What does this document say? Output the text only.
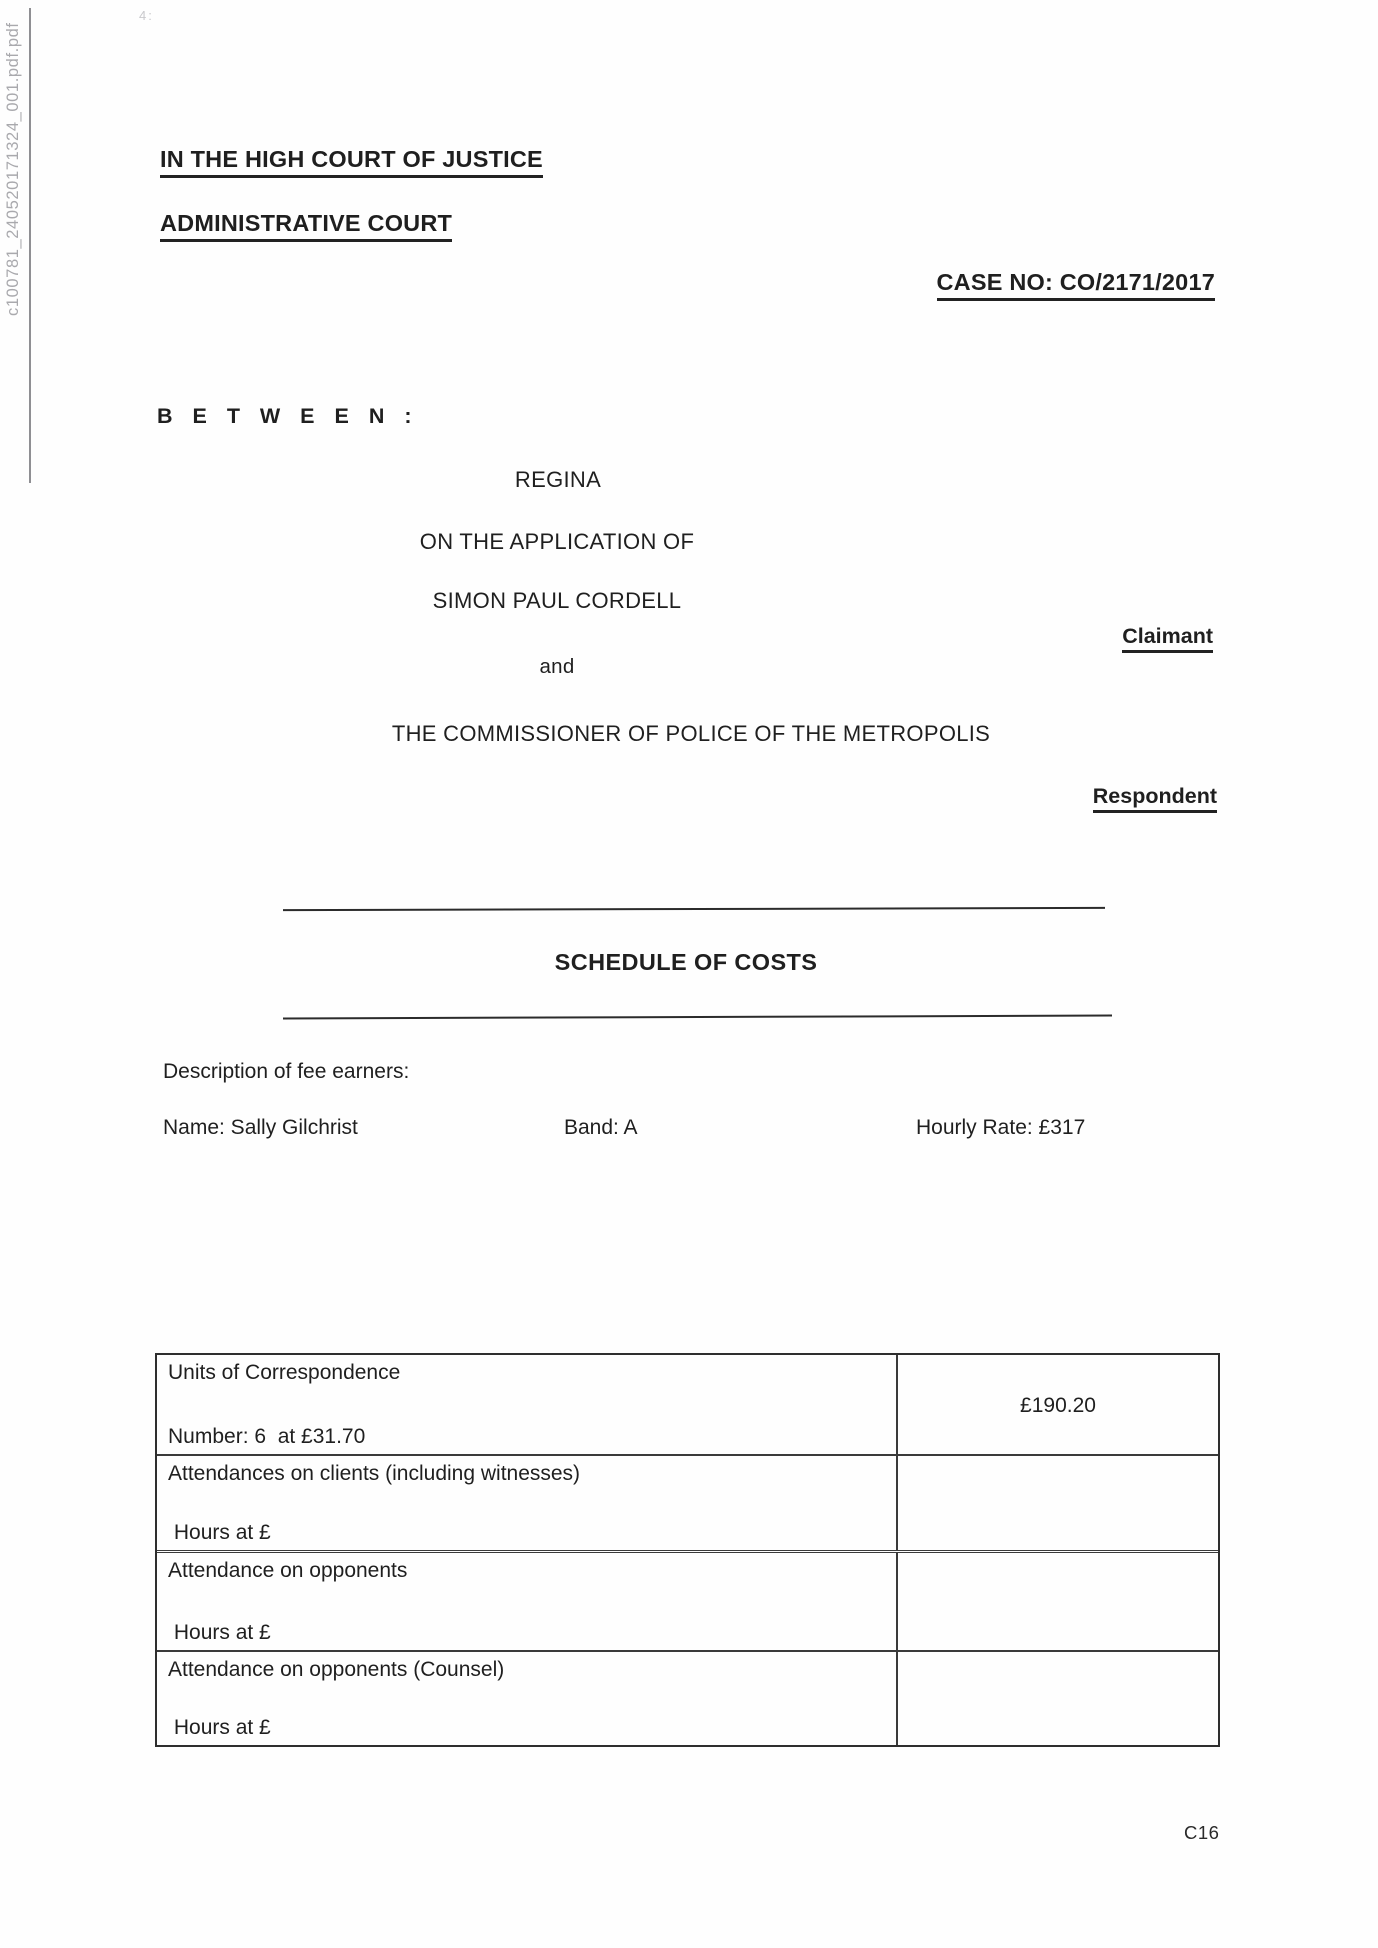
c100781_240520171324_001.pdf.pdf
4:
IN THE HIGH COURT OF JUSTICE
ADMINISTRATIVE COURT
CASE NO: CO/2171/2017
B E T W E E N :
REGINA
ON THE APPLICATION OF
SIMON PAUL CORDELL
Claimant
and
THE COMMISSIONER OF POLICE OF THE METROPOLIS
Respondent
SCHEDULE OF COSTS
Description of fee earners:
Name: Sally Gilchrist	Band: A	Hourly Rate: £317
Units of Correspondence
Number: 6  at £31.70
£190.20
Attendances on clients (including witnesses)
Hours at £
Attendance on opponents
Hours at £
Attendance on opponents (Counsel)
Hours at £
C16
